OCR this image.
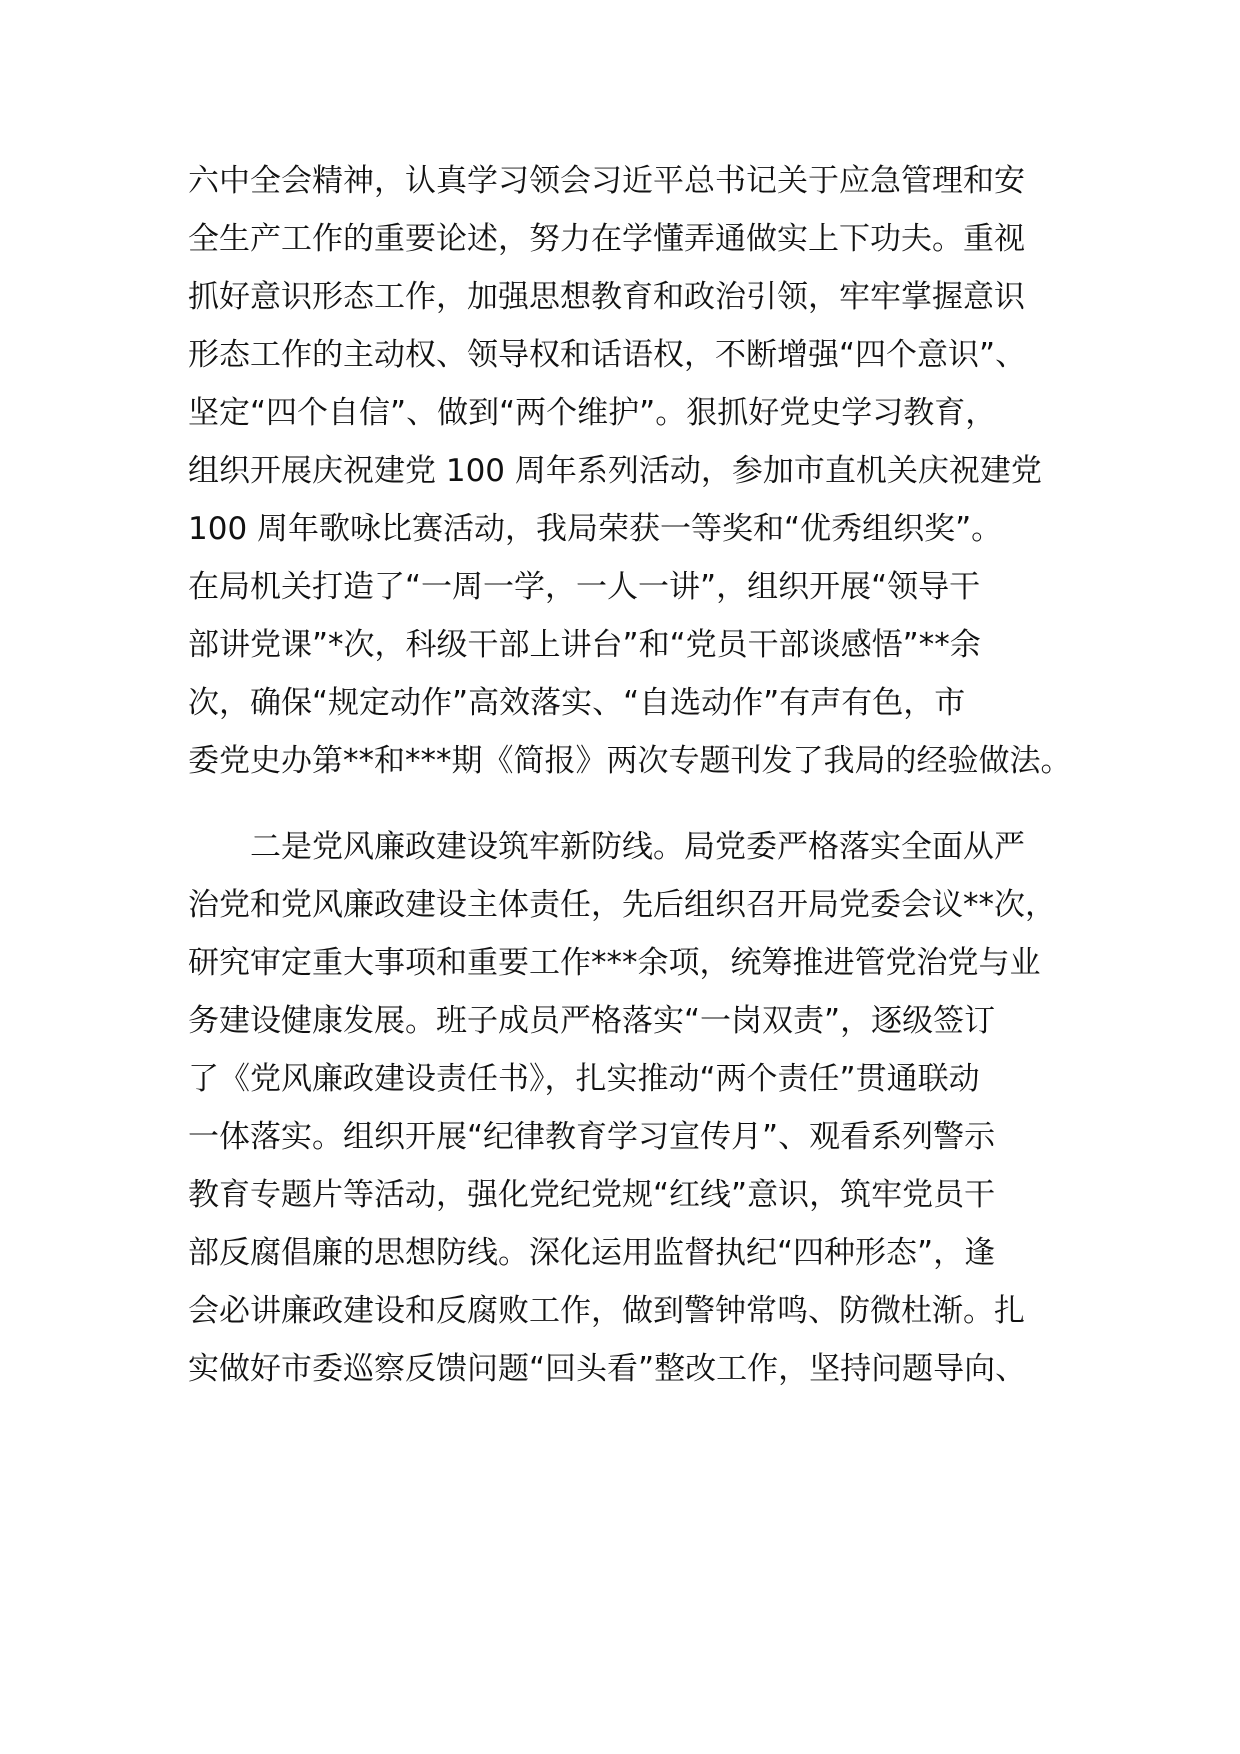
六中全会精神，认真学习领会习近平总书记关于应急管理和安
全生产工作的重要论述，努力在学懂弄通做实上下功夫。重视
抓好意识形态工作，加强思想教育和政治引领，牢牢掌握意识
形态工作的主动权、领导权和话语权，不断增强“四个意识”、
坚定“四个自信”、做到“两个维护”。狠抓好党史学习教育，
组织开展庆祝建党 100 周年系列活动，参加市直机关庆祝建党
100 周年歌咏比赛活动，我局荣获一等奖和“优秀组织奖”。
在局机关打造了“一周一学，一人一讲”，组织开展“领导干
部讲党课”*次，科级干部上讲台”和“党员干部谈感悟”**余
次，确保“规定动作”高效落实、“自选动作”有声有色，市
委党史办第**和***期《简报》两次专题刊发了我局的经验做法。
二是党风廉政建设筑牢新防线。局党委严格落实全面从严
治党和党风廉政建设主体责任，先后组织召开局党委会议**次，
研究审定重大事项和重要工作***余项，统筹推进管党治党与业
务建设健康发展。班子成员严格落实“一岗双责”，逐级签订
了《党风廉政建设责任书》，扎实推动“两个责任”贯通联动
一体落实。组织开展“纪律教育学习宣传月”、观看系列警示
教育专题片等活动，强化党纪党规“红线”意识，筑牢党员干
部反腐倡廉的思想防线。深化运用监督执纪“四种形态”，逢
会必讲廉政建设和反腐败工作，做到警钟常鸣、防微杜渐。扎
实做好市委巡察反馈问题“回头看”整改工作，坚持问题导向、
